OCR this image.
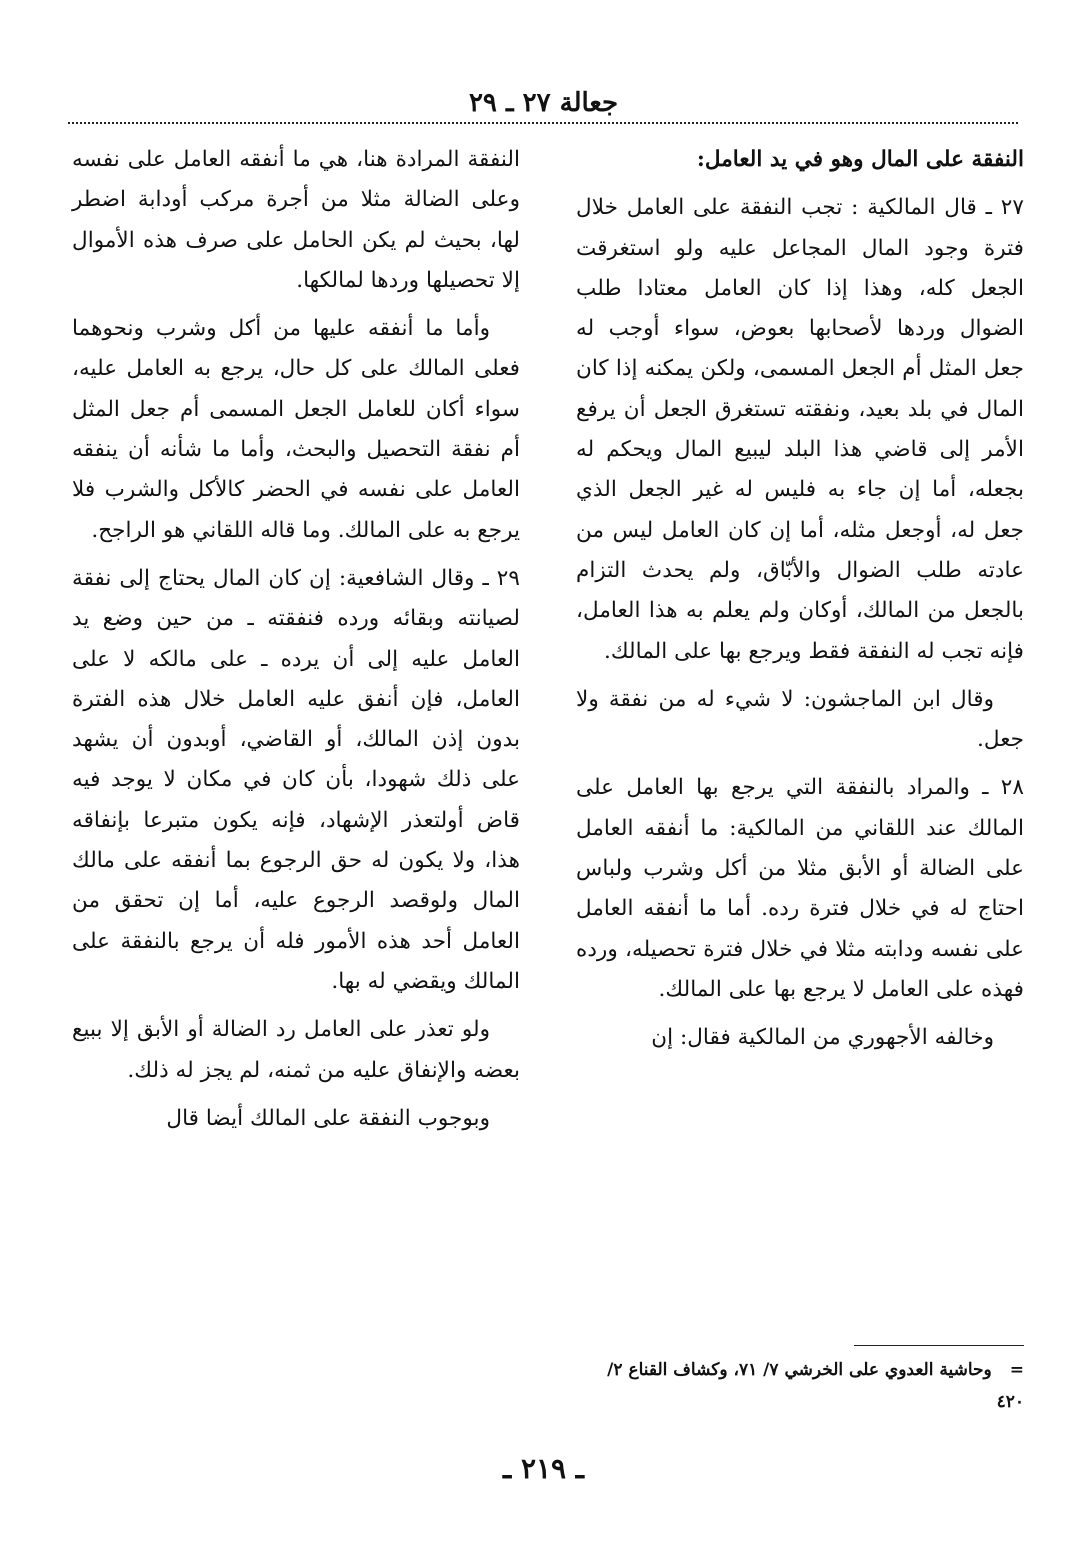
جعالة ٢٧ ـ ٢٩

النفقة على المال وهو في يد العامل:

٢٧ ـ قال المالكية : تجب النفقة على العامل خلال فترة وجود المال المجاعل عليه ولو استغرقت الجعل كله، وهذا إذا كان العامل معتادا طلب الضوال وردها لأصحابها بعوض، سواء أوجب له جعل المثل أم الجعل المسمى، ولكن يمكنه إذا كان المال في بلد بعيد، ونفقته تستغرق الجعل أن يرفع الأمر إلى قاضي هذا البلد ليبيع المال ويحكم له بجعله، أما إن جاء به فليس له غير الجعل الذي جعل له، أوجعل مثله، أما إن كان العامل ليس من عادته طلب الضوال والأبّاق، ولم يحدث التزام بالجعل من المالك، أوكان ولم يعلم به هذا العامل، فإنه تجب له النفقة فقط ويرجع بها على المالك.

وقال ابن الماجشون: لا شيء له من نفقة ولا جعل.

٢٨ ـ والمراد بالنفقة التي يرجع بها العامل على المالك عند اللقاني من المالكية: ما أنفقه العامل على الضالة أو الأبق مثلا من أكل وشرب ولباس احتاج له في خلال فترة رده. أما ما أنفقه العامل على نفسه ودابته مثلا في خلال فترة تحصيله، ورده فهذه على العامل لا يرجع بها على المالك.

وخالفه الأجهوري من المالكية فقال: إن

النفقة المرادة هنا، هي ما أنفقه العامل على نفسه وعلى الضالة مثلا من أجرة مركب أودابة اضطر لها، بحيث لم يكن الحامل على صرف هذه الأموال إلا تحصيلها وردها لمالكها.

وأما ما أنفقه عليها من أكل وشرب ونحوهما فعلى المالك على كل حال، يرجع به العامل عليه، سواء أكان للعامل الجعل المسمى أم جعل المثل أم نفقة التحصيل والبحث، وأما ما شأنه أن ينفقه العامل على نفسه في الحضر كالأكل والشرب فلا يرجع به على المالك. وما قاله اللقاني هو الراجح.

٢٩ ـ وقال الشافعية: إن كان المال يحتاج إلى نفقة لصيانته وبقائه ورده فنفقته ـ من حين وضع يد العامل عليه إلى أن يرده ـ على مالكه لا على العامل، فإن أنفق عليه العامل خلال هذه الفترة بدون إذن المالك، أو القاضي، أوبدون أن يشهد على ذلك شهودا، بأن كان في مكان لا يوجد فيه قاض أولتعذر الإشهاد، فإنه يكون متبرعا بإنفاقه هذا، ولا يكون له حق الرجوع بما أنفقه على مالك المال ولوقصد الرجوع عليه، أما إن تحقق من العامل أحد هذه الأمور فله أن يرجع بالنفقة على المالك ويقضي له بها.

ولو تعذر على العامل رد الضالة أو الأبق إلا ببيع بعضه والإنفاق عليه من ثمنه، لم يجز له ذلك.

وبوجوب النفقة على المالك أيضا قال

=وحاشية العدوي على الخرشي ٧/ ٧١، وكشاف القناع ٢/ ٤٢٠
ـ ٢١٩ ـ
